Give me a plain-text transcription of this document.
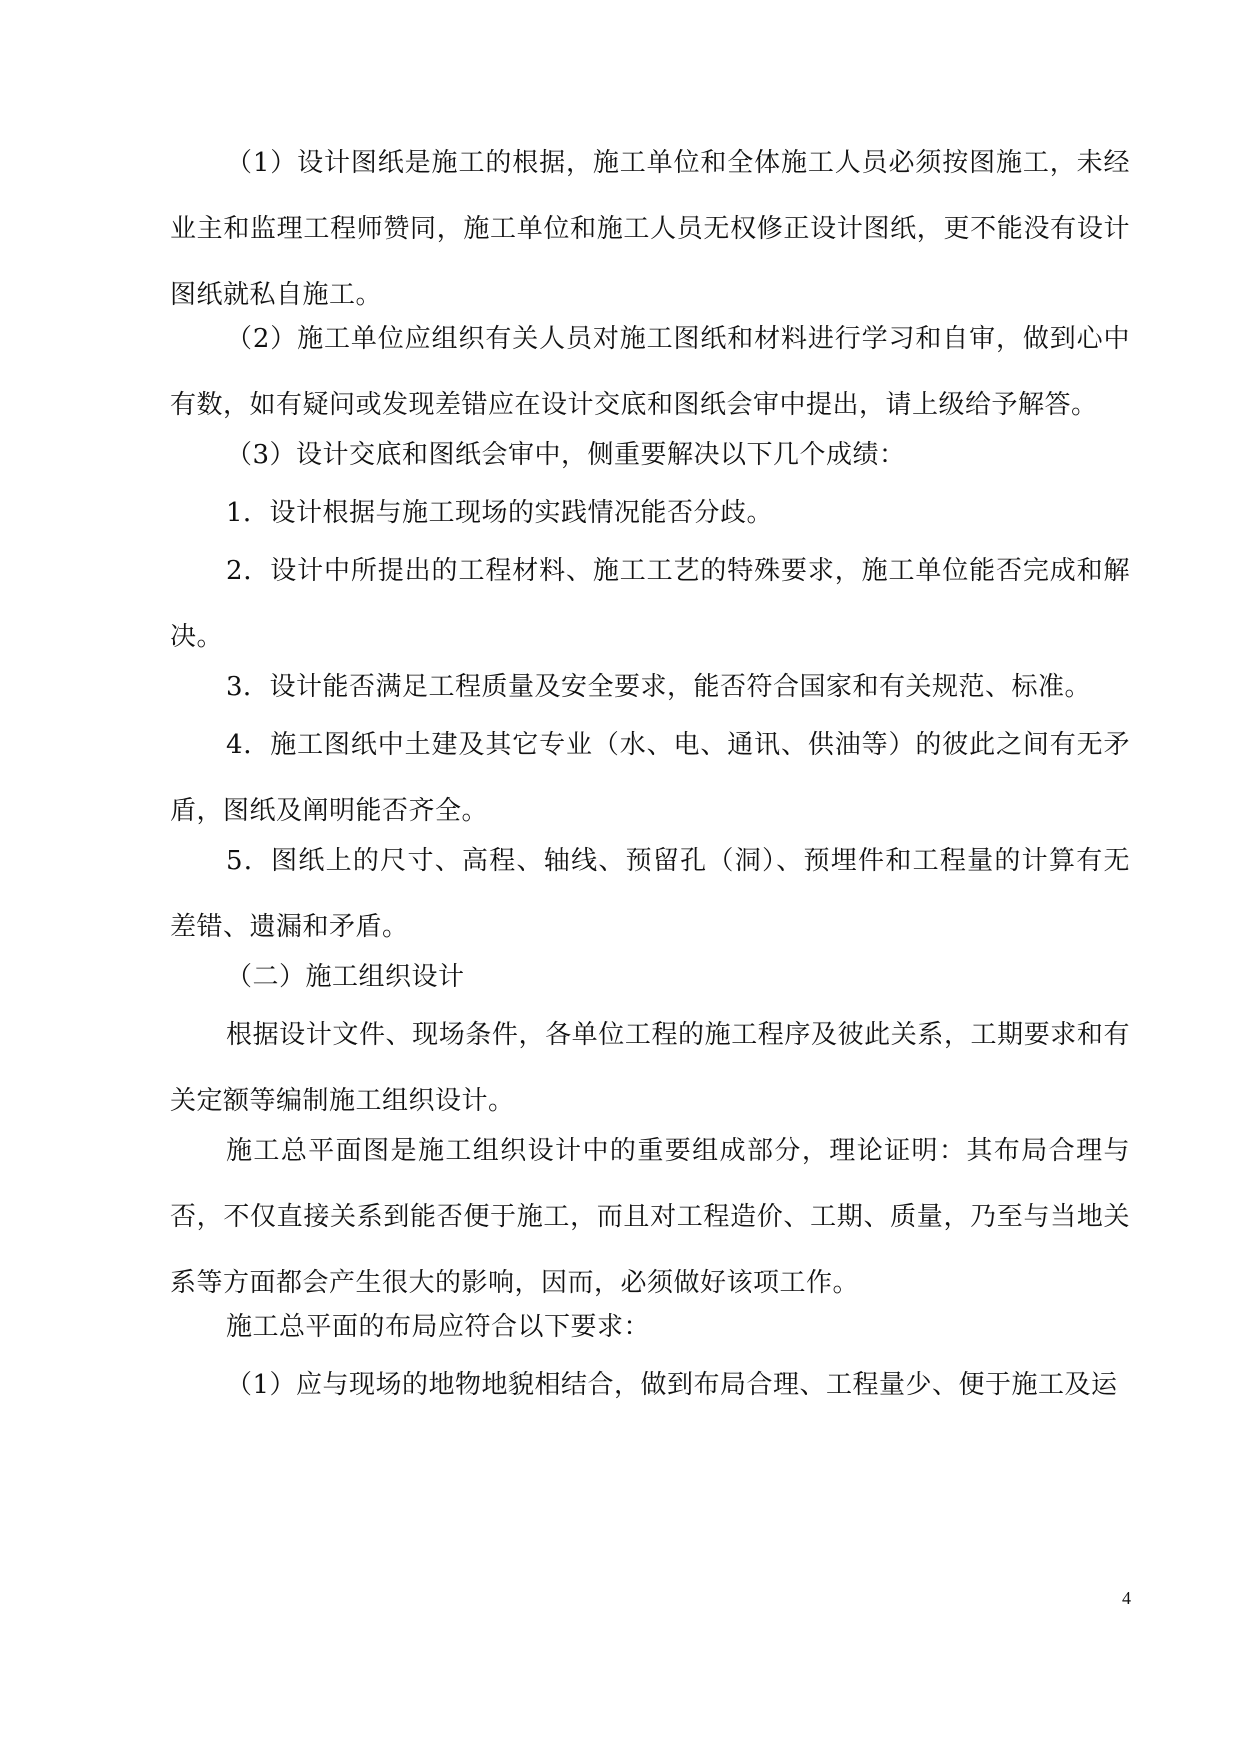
（1）设计图纸是施工的根据，施工单位和全体施工人员必须按图施工，未经业主和监理工程师赞同，施工单位和施工人员无权修正设计图纸，更不能没有设计图纸就私自施工。

（2）施工单位应组织有关人员对施工图纸和材料进行学习和自审，做到心中有数，如有疑问或发现差错应在设计交底和图纸会审中提出，请上级给予解答。

（3）设计交底和图纸会审中，侧重要解决以下几个成绩：

1．设计根据与施工现场的实践情况能否分歧。

2．设计中所提出的工程材料、施工工艺的特殊要求，施工单位能否完成和解决。

3．设计能否满足工程质量及安全要求，能否符合国家和有关规范、标准。

4．施工图纸中土建及其它专业（水、电、通讯、供油等）的彼此之间有无矛盾，图纸及阐明能否齐全。

5．图纸上的尺寸、高程、轴线、预留孔（洞）、预埋件和工程量的计算有无差错、遗漏和矛盾。

（二）施工组织设计

根据设计文件、现场条件，各单位工程的施工程序及彼此关系，工期要求和有关定额等编制施工组织设计。

施工总平面图是施工组织设计中的重要组成部分，理论证明：其布局合理与否，不仅直接关系到能否便于施工，而且对工程造价、工期、质量，乃至与当地关系等方面都会产生很大的影响，因而，必须做好该项工作。

施工总平面的布局应符合以下要求：

（1）应与现场的地物地貌相结合，做到布局合理、工程量少、便于施工及运

4
